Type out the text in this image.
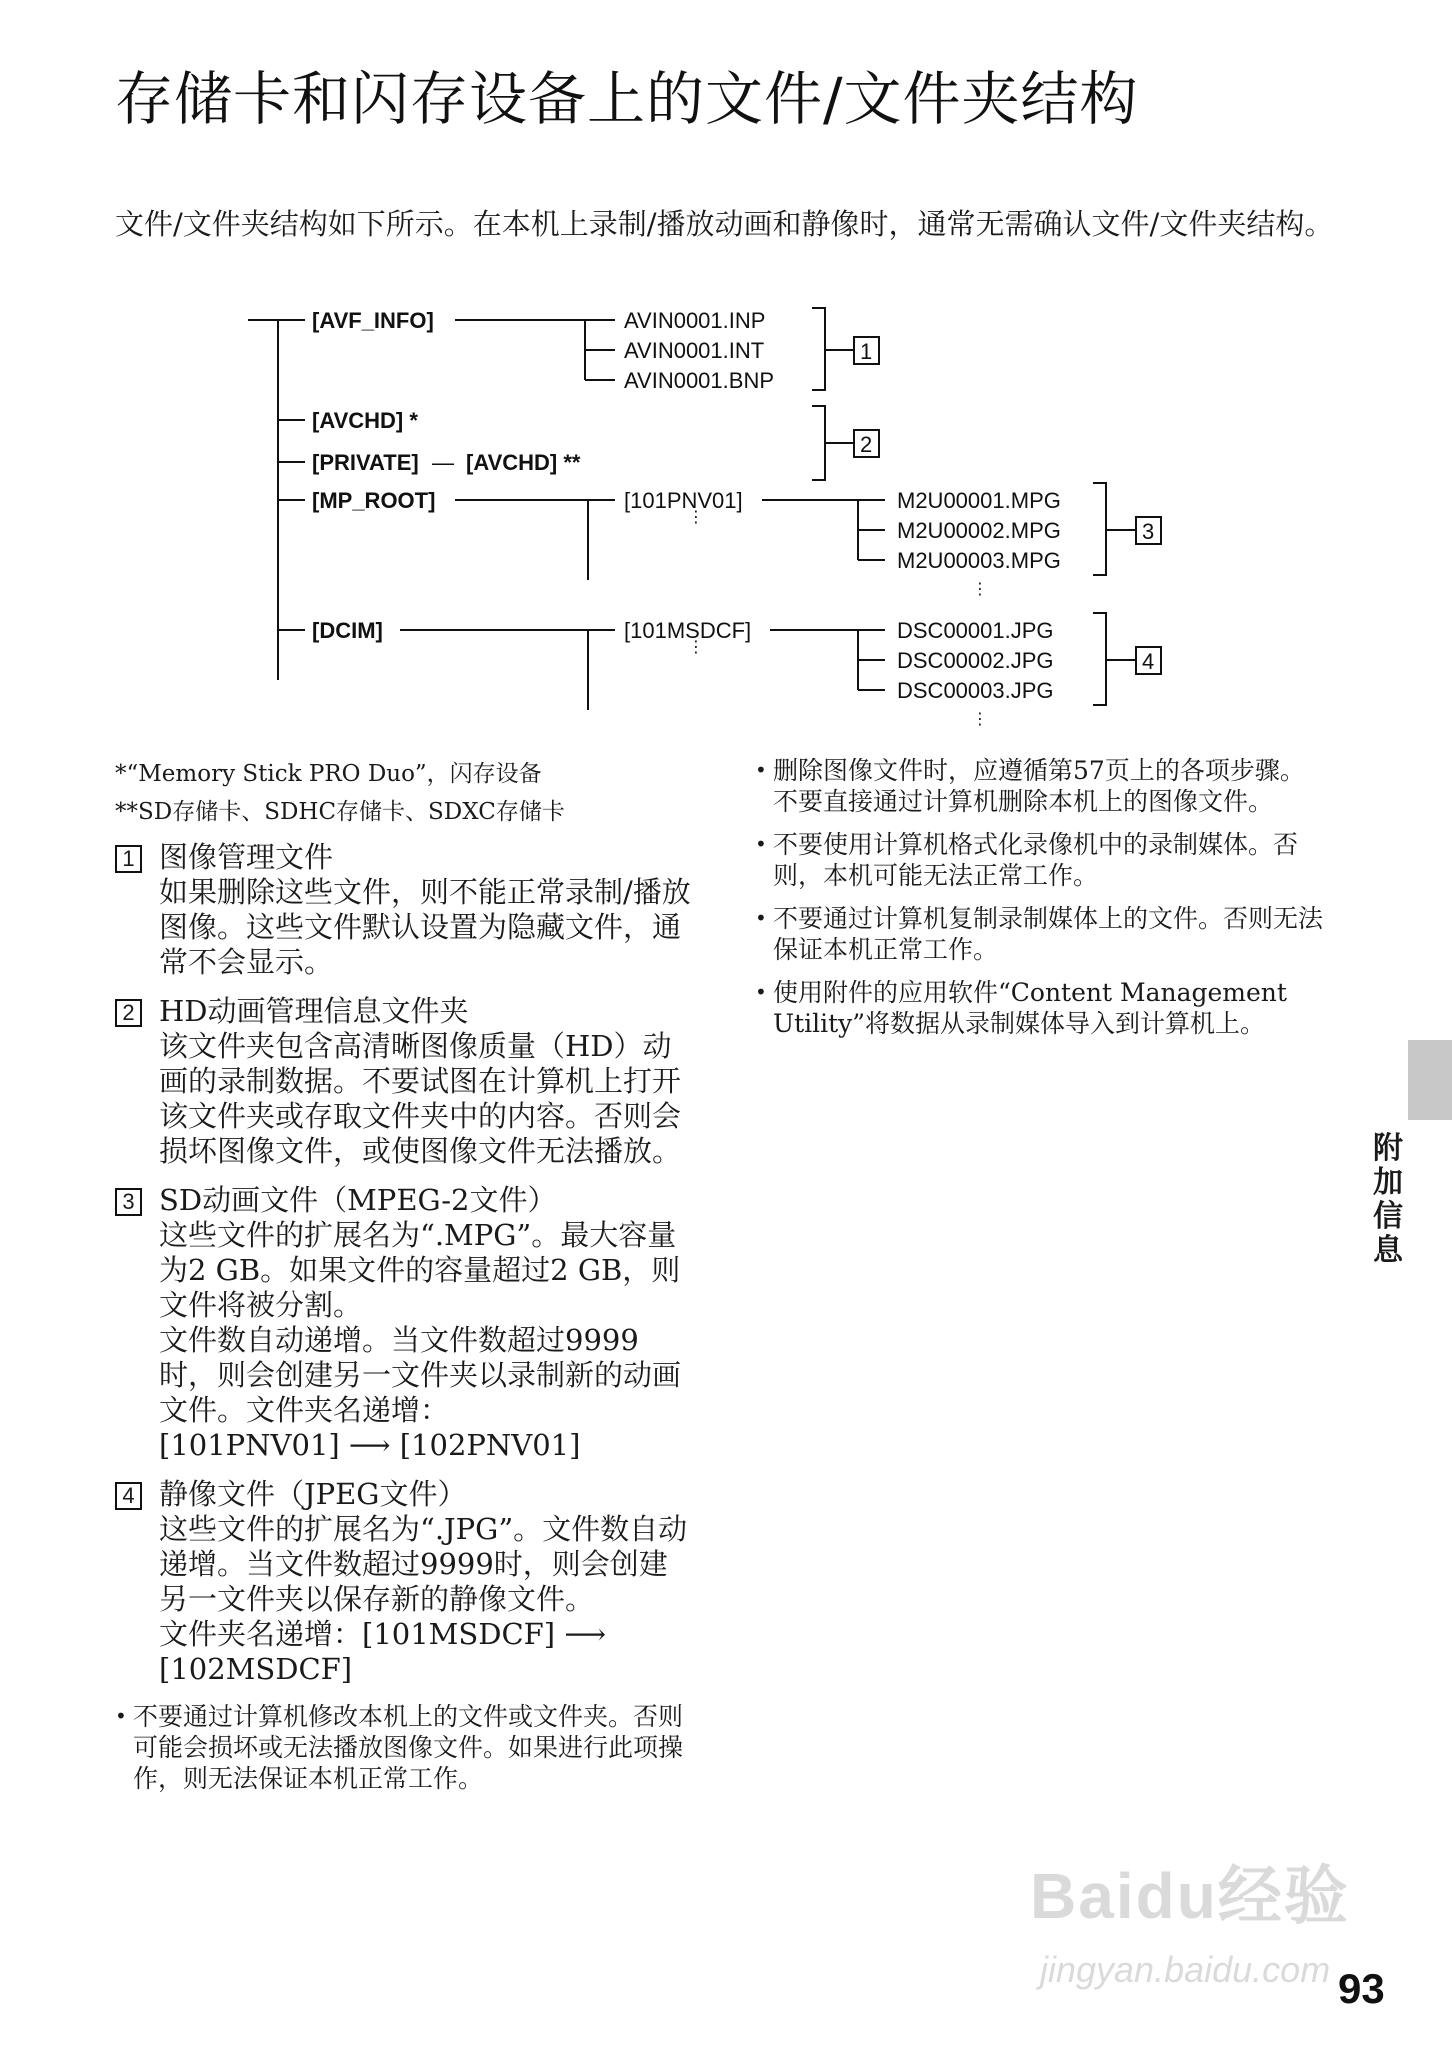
存储卡和闪存设备上的文件/文件夹结构
文件/文件夹结构如下所示。在本机上录制/播放动画和静像时，通常无需确认文件/文件夹结构。
[AVF_INFO]	AVIN0001.INP
AVIN0001.INT
AVIN0001.BNP
1
[AVCHD] *
[PRIVATE] — [AVCHD] **
2
[MP_ROOT]	[101PNV01]
⋮
M2U00001.MPG
M2U00002.MPG
M2U00003.MPG
⋮
3
[DCIM]	[101MSDCF]
⋮
DSC00001.JPG
DSC00002.JPG
DSC00003.JPG
⋮
4
*“Memory Stick PRO Duo”，闪存设备
**SD存储卡、SDHC存储卡、SDXC存储卡
1 图像管理文件

如果删除这些文件，则不能正常录制/播放图像。这些文件默认设置为隐藏文件，通常不会显示。

2 HD动画管理信息文件夹

该文件夹包含高清晰图像质量（HD）动画的录制数据。不要试图在计算机上打开该文件夹或存取文件夹中的内容。否则会损坏图像文件，或使图像文件无法播放。

3 SD动画文件（MPEG-2文件）

这些文件的扩展名为“.MPG”。最大容量为2 GB。如果文件的容量超过2 GB，则文件将被分割。

文件数自动递增。当文件数超过9999时，则会创建另一文件夹以录制新的动画文件。文件夹名递增：

[101PNV01] ⟶ [102PNV01]

4 静像文件（JPEG文件）

这些文件的扩展名为“.JPG”。文件数自动递增。当文件数超过9999时，则会创建另一文件夹以保存新的静像文件。

文件夹名递增：[101MSDCF] ⟶ [102MSDCF]

• 不要通过计算机修改本机上的文件或文件夹。否则可能会损坏或无法播放图像文件。如果进行此项操作，则无法保证本机正常工作。
• 删除图像文件时，应遵循第57页上的各项步骤。不要直接通过计算机删除本机上的图像文件。
• 不要使用计算机格式化录像机中的录制媒体。否则，本机可能无法正常工作。
• 不要通过计算机复制录制媒体上的文件。否则无法保证本机正常工作。
• 使用附件的应用软件“Content Management Utility”将数据从录制媒体导入到计算机上。
附加信息
Baidu经验
jingyan.baidu.com 93
